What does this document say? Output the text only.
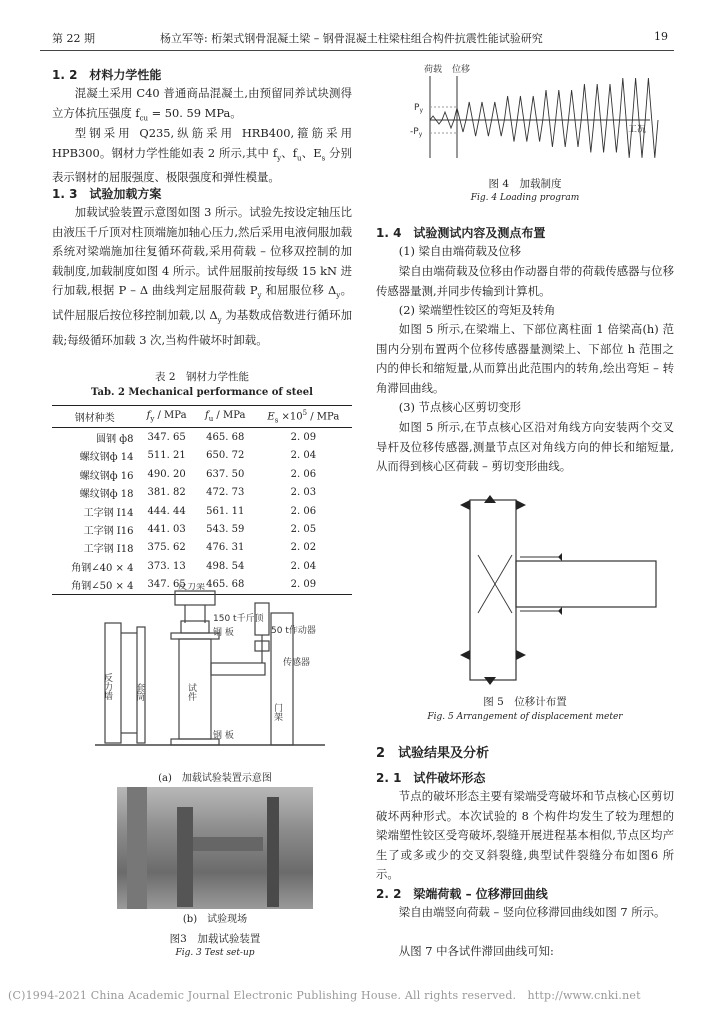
第 22 期	杨立军等: 桁架式钢骨混凝土梁 – 钢骨混凝土柱梁柱组合构件抗震性能试验研究	19
1. 2　材料力学性能

混凝土采用 C40 普通商品混凝土,由预留同养试块测得立方体抗压强度 $f_{cu} = 50$. 59 MPa。

型钢采用 Q235,纵筋采用 HRB400,箍筋采用 HPB300。钢材力学性能如表 2 所示,其中 $f_y$、$f_u$、$E_s$ 分别表示钢材的屈服强度、极限强度和弹性模量。

1. 3　试验加载方案

加载试验装置示意图如图 3 所示。试验先按设定轴压比由液压千斤顶对柱顶端施加轴心压力,然后采用电液伺服加载系统对梁端施加往复循环荷载,采用荷载 – 位移双控制的加载制度,加载制度如图 4 所示。试件屈服前按每级 15 kN 进行加载,根据 P – Δ 曲线判定屈服荷载 $P_y$ 和屈服位移 $\Delta_y$。试件屈服后按位移控制加载,以 $\Delta_y$ 为基数成倍数进行循环加载;每级循环加载 3 次,当构件破坏时卸载。

表 2　钢材力学性能
Tab. 2 Mechanical performance of steel
钢材种类	$f_y$ / MPa	$f_u$ / MPa	$E_s \times 10^5$ / MPa
圆钢 ф8	347. 65	465. 68	2. 09
螺纹钢ф 14	511. 21	650. 72	2. 04
螺纹钢ф 16	490. 20	637. 50	2. 06
螺纹钢ф 18	381. 82	472. 73	2. 03
工字钢 I14	444. 44	561. 11	2. 06
工字钢 I16	441. 03	543. 59	2. 05
工字钢 I18	375. 62	476. 31	2. 02
角钢∠40 × 4	373. 13	498. 54	2. 04
角钢∠50 × 4	347. 65	465. 68	2. 09
反力架
150 t千斤顶
钢 板	50 t作动器
传感器
反力墙 套筒	试件
门架
钢 板
(a)　加载试验装置示意图
(b)　试验现场
图3　加载试验装置
Fig. 3 Test set-up
荷载 位移
$P_y$
$-P_y$	工况
图 4　加载制度
Fig. 4 Loading program
1. 4　试验测试内容及测点布置

(1) 梁自由端荷载及位移

梁自由端荷载及位移由作动器自带的荷载传感器与位移传感器量测,并同步传输到计算机。

(2) 梁端塑性铰区的弯矩及转角

如图 5 所示,在梁端上、下部位离柱面 1 倍梁高(h) 范围内分别布置两个位移传感器量测梁上、下部位 h 范围之内的伸长和缩短量,从而算出此范围内的转角,绘出弯矩 – 转角滞回曲线。

(3) 节点核心区剪切变形

如图 5 所示,在节点核心区沿对角线方向安装两个交叉导杆及位移传感器,测量节点区对角线方向的伸长和缩短量,从而得到核心区荷载 – 剪切变形曲线。

图 5　位移计布置
Fig. 5 Arrangement of displacement meter
2　试验结果及分析
2. 1　试件破坏形态

节点的破坏形态主要有梁端受弯破坏和节点核心区剪切破坏两种形式。本次试验的 8 个构件均发生了较为理想的梁端塑性铰区受弯破坏,裂缝开展进程基本相似,节点区均产生了或多或少的交叉斜裂缝,典型试件裂缝分布如图6 所示。

2. 2　梁端荷载 – 位移滞回曲线

梁自由端竖向荷载 – 竖向位移滞回曲线如图 7 所示。

从图 7 中各试件滞回曲线可知:

(C)1994-2021 China Academic Journal Electronic Publishing House. All rights reserved.　http://www.cnki.net
